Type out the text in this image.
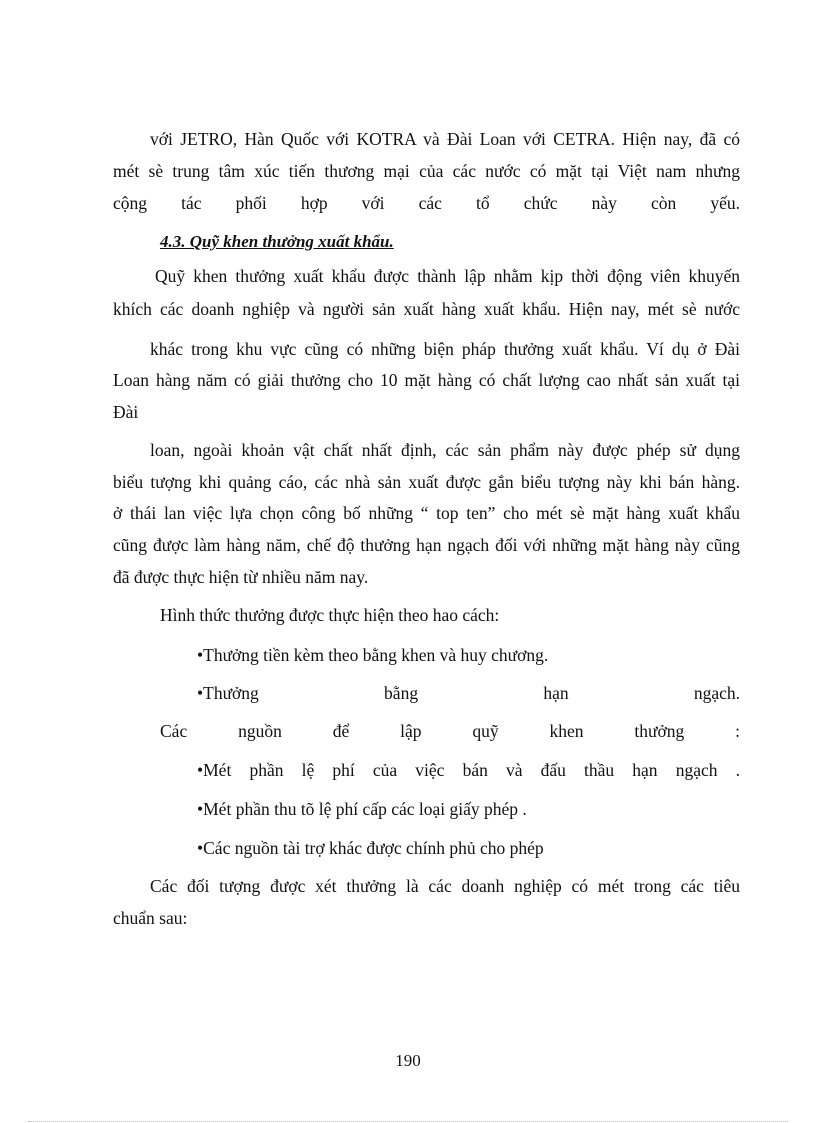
với JETRO, Hàn Quốc với KOTRA và Đài Loan với CETRA. Hiện nay, đã có
mét sè trung tâm xúc tiến thương mại của các nước có mặt tại Việt nam nhưng
cộng tác phối hợp với các tổ chức này còn yếu.
4.3. Quỹ khen thưởng xuất khẩu.
Quỹ khen thưởng xuất khẩu được thành lập nhằm kịp thời động viên khuyến
khích các doanh nghiệp và người sản xuất hàng xuất khẩu. Hiện nay, mét sè nước
khác trong khu vực cũng có những biện pháp thưởng xuất khẩu. Ví dụ ở Đài
Loan hàng năm có giải thưởng cho 10 mặt hàng có chất lượng cao nhất sản xuất tại
Đài
loan, ngoài khoản vật chất nhất định, các sản phẩm này được phép sử dụng
biểu tượng khi quảng cáo, các nhà sản xuất được gắn biểu tượng này khi bán hàng.
ở thái lan việc lựa chọn công bố những “ top ten” cho mét sè mặt hàng xuất khẩu
cũng được làm hàng năm, chế độ thưởng hạn ngạch đối với những mặt hàng này cũng
đã được thực hiện từ nhiều năm nay.
Hình thức thưởng được thực hiện theo hao cách:
•Thưởng tiền kèm theo bằng khen và huy chương.
•Thưởng bằng hạn ngạch.
Các nguồn để lập quỹ khen thưởng :
•Mét phần lệ phí của việc bán và đấu thầu hạn ngạch .
•Mét phần thu tõ lệ phí cấp các loại giấy phép .
•Các nguồn tài trợ khác được chính phủ cho phép
Các đối tượng được xét thưởng là các doanh nghiệp có mét trong các tiêu
chuẩn sau:
190
